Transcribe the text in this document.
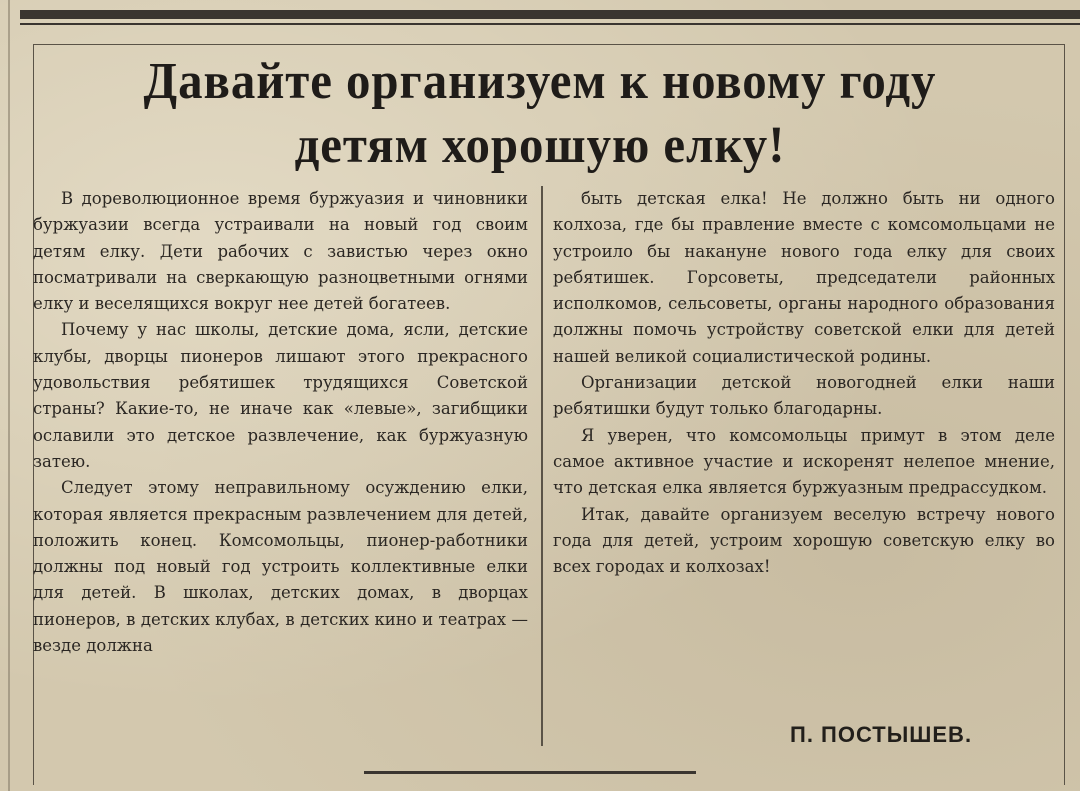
Давайте организуем к новому году
детям хорошую елку!

В дореволюционное время буржуазия и чиновники буржуазии всегда устраивали на новый год своим детям елку. Дети рабочих с завистью через окно посматривали на сверкающую разноцветными огнями елку и веселящихся вокруг нее детей богатеев.

Почему у нас школы, детские дома, ясли, детские клубы, дворцы пионеров лишают этого прекрасного удовольствия ребятишек трудящихся Советской страны? Какие-то, не иначе как «левые», загибщики ославили это детское развлечение, как буржуазную затею.

Следует этому неправильному осуждению елки, которая является прекрасным развлечением для детей, положить конец. Комсомольцы, пионер-работники должны под новый год устроить коллективные елки для детей. В школах, детских домах, в дворцах пионеров, в детских клубах, в детских кино и театрах — везде должна

быть детская елка! Не должно быть ни одного колхоза, где бы правление вместе с комсомольцами не устроило бы накануне нового года елку для своих ребятишек. Горсоветы, председатели районных исполкомов, сельсоветы, органы народного образования должны помочь устройству советской елки для детей нашей великой социалистической родины.

Организации детской новогодней елки наши ребятишки будут только благодарны.

Я уверен, что комсомольцы примут в этом деле самое активное участие и искоренят нелепое мнение, что детская елка является буржуазным предрассудком.

Итак, давайте организуем веселую встречу нового года для детей, устроим хорошую советскую елку во всех городах и колхозах!

П. ПОСТЫШЕВ.
